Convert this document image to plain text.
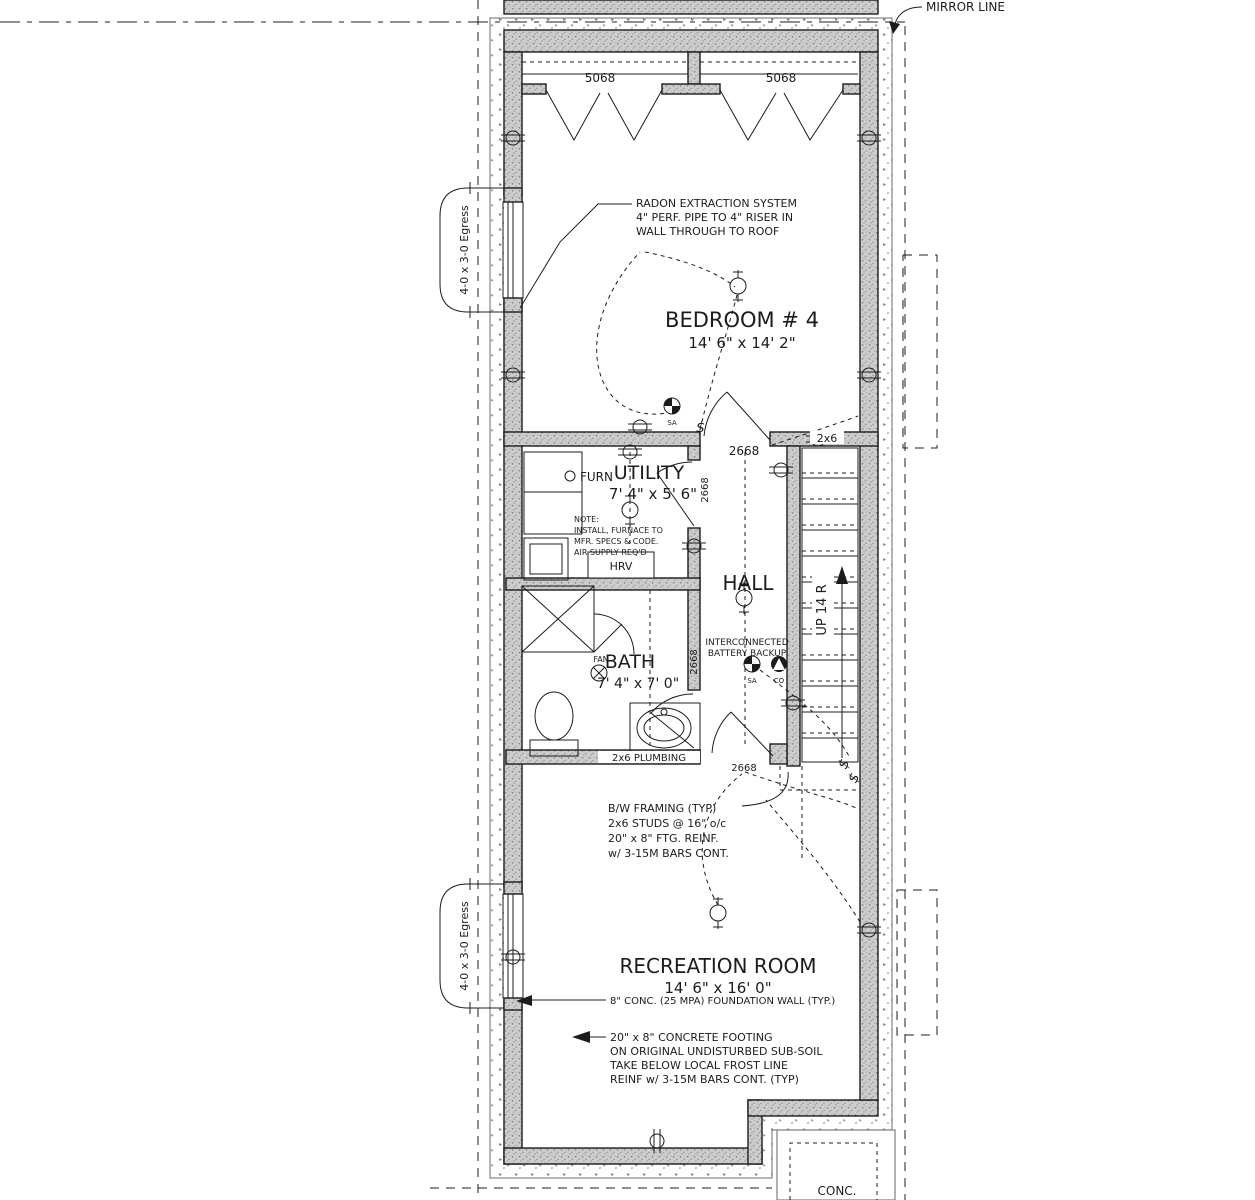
5068	5068
4-0 x 3-0 Egress
4-0 x 3-0 Egress
UP 14 R
2668
2668
2668
2668
FAN
FURN
HRV
$
$
$
SA
SA CO
INTERCONNECTED
BATTERY BACKUP
BEDROOM # 4
14' 6" x 14' 2"
UTILITY
7' 4" x 5' 6"
HALL
BATH
7' 4" x 7' 0"
RECREATION ROOM
14' 6" x 16' 0"
2x6
2x6 PLUMBING
RADON EXTRACTION SYSTEM
4" PERF. PIPE TO 4" RISER IN
WALL THROUGH TO ROOF
NOTE:
INSTALL, FURNACE TO
MFR. SPECS & CODE.
AIR SUPPLY REQ'D
B/W FRAMING (TYP)
2x6 STUDS @ 16" o/c
20" x 8" FTG. REINF.
w/ 3-15M BARS CONT.
8" CONC. (25 MPA) FOUNDATION WALL (TYP.)
20" x 8" CONCRETE FOOTING
ON ORIGINAL UNDISTURBED SUB-SOIL
TAKE BELOW LOCAL FROST LINE
REINF w/ 3-15M BARS CONT. (TYP)
MIRROR LINE
CONC.
